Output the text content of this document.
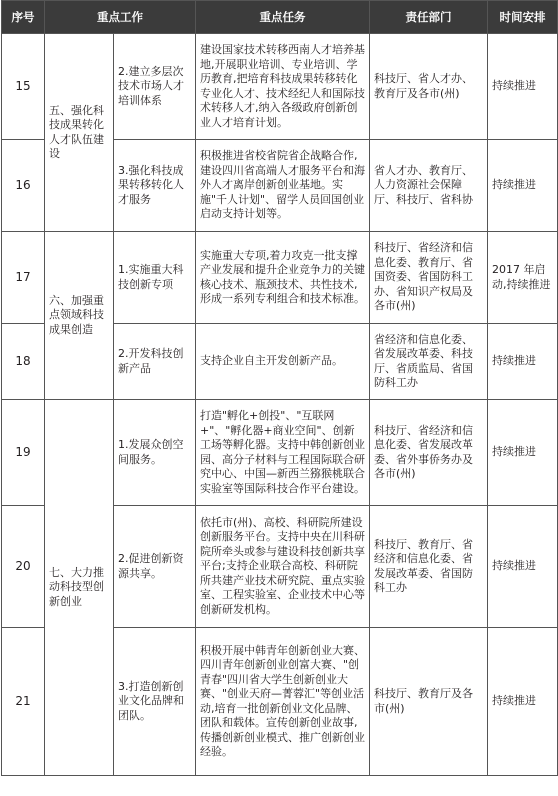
序号	重点工作		重点任务	责任部门	时间安排
15	五、强化科技成果转化人才队伍建设	2.建立多层次技术市场人才培训体系	建设国家技术转移西南人才培养基地,开展职业培训、专业培训、学历教育,把培育科技成果转移转化专业化人才、技术经纪人和国际技术转移人才,纳入各级政府创新创业人才培育计划。	科技厅、省人才办、教育厅及各市(州)	持续推进
16		3.强化科技成果转移转化人才服务	积极推进省校省院省企战略合作,建设四川省高端人才服务平台和海外人才离岸创新创业基地。实施"千人计划"、留学人员回国创业启动支持计划等。	省人才办、教育厅、人力资源社会保障厅、科技厅、省科协	持续推进
17	六、加强重点领域科技成果创造	1.实施重大科技创新专项	实施重大专项,着力攻克一批支撑产业发展和提升企业竞争力的关键核心技术、瓶颈技术、共性技术,形成一系列专利组合和技术标准。	科技厅、省经济和信息化委、教育厅、省国资委、省国防科工办、省知识产权局及各市(州)	2017 年启动,持续推进
18		2.开发科技创新产品	支持企业自主开发创新产品。	省经济和信息化委、省发展改革委、科技厅、省质监局、省国防科工办	持续推进
19	七、大力推动科技型创新创业	1.发展众创空间服务。	打造"孵化+创投"、"互联网+"、"孵化器+商业空间"、创新工场等孵化器。支持中韩创新创业园、高分子材料与工程国际联合研究中心、中国—新西兰猕猴桃联合实验室等国际科技合作平台建设。	科技厅、省经济和信息化委、省发展改革委、省外事侨务办及各市(州)	持续推进
20		2.促进创新资源共享。	依托市(州)、高校、科研院所建设创新服务平台。支持中央在川科研院所牵头或参与建设科技创新共享平台;支持企业联合高校、科研院所共建产业技术研究院、重点实验室、工程实验室、企业技术中心等创新研发机构。	科技厅、教育厅、省经济和信息化委、省发展改革委、省国防科工办	持续推进
21		3.打造创新创业文化品牌和团队。	积极开展中韩青年创新创业大赛、四川青年创新创业创富大赛、"创青春"四川省大学生创新创业大赛、"创业天府—菁蓉汇"等创业活动,培育一批创新创业文化品牌、团队和载体。宣传创新创业故事,传播创新创业模式、推广创新创业经验。	科技厅、教育厅及各市(州)	持续推进
